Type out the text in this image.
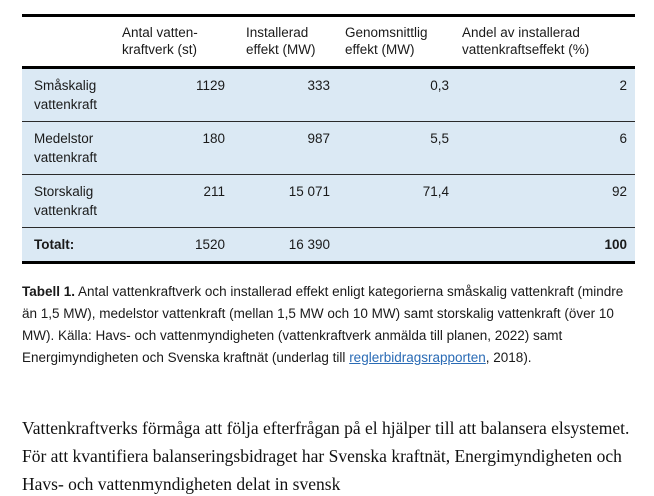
	Antal vatten-kraftverk (st)	Installerad effekt (MW)	Genomsnittlig effekt (MW)	Andel av installerad vattenkraftseffekt (%)
Småskalig vattenkraft	1129	333	0,3	2
Medelstor vattenkraft	180	987	5,5	6
Storskalig vattenkraft	211	15 071	71,4	92
Totalt:	1520	16 390		100

Tabell 1. Antal vattenkraftverk och installerad effekt enligt kategorierna småskalig vattenkraft (mindre än 1,5 MW), medelstor vattenkraft (mellan 1,5 MW och 10 MW) samt storskalig vattenkraft (över 10 MW). Källa: Havs- och vattenmyndigheten (vattenkraftverk anmälda till planen, 2022) samt Energimyndigheten och Svenska kraftnät (underlag till reglerbidragsrapporten, 2018).

Vattenkraftverks förmåga att följa efterfrågan på el hjälper till att balansera elsystemet. För att kvantifiera balanseringsbidraget har Svenska kraftnät, Energimyndigheten och Havs- och vattenmyndigheten delat in svensk
